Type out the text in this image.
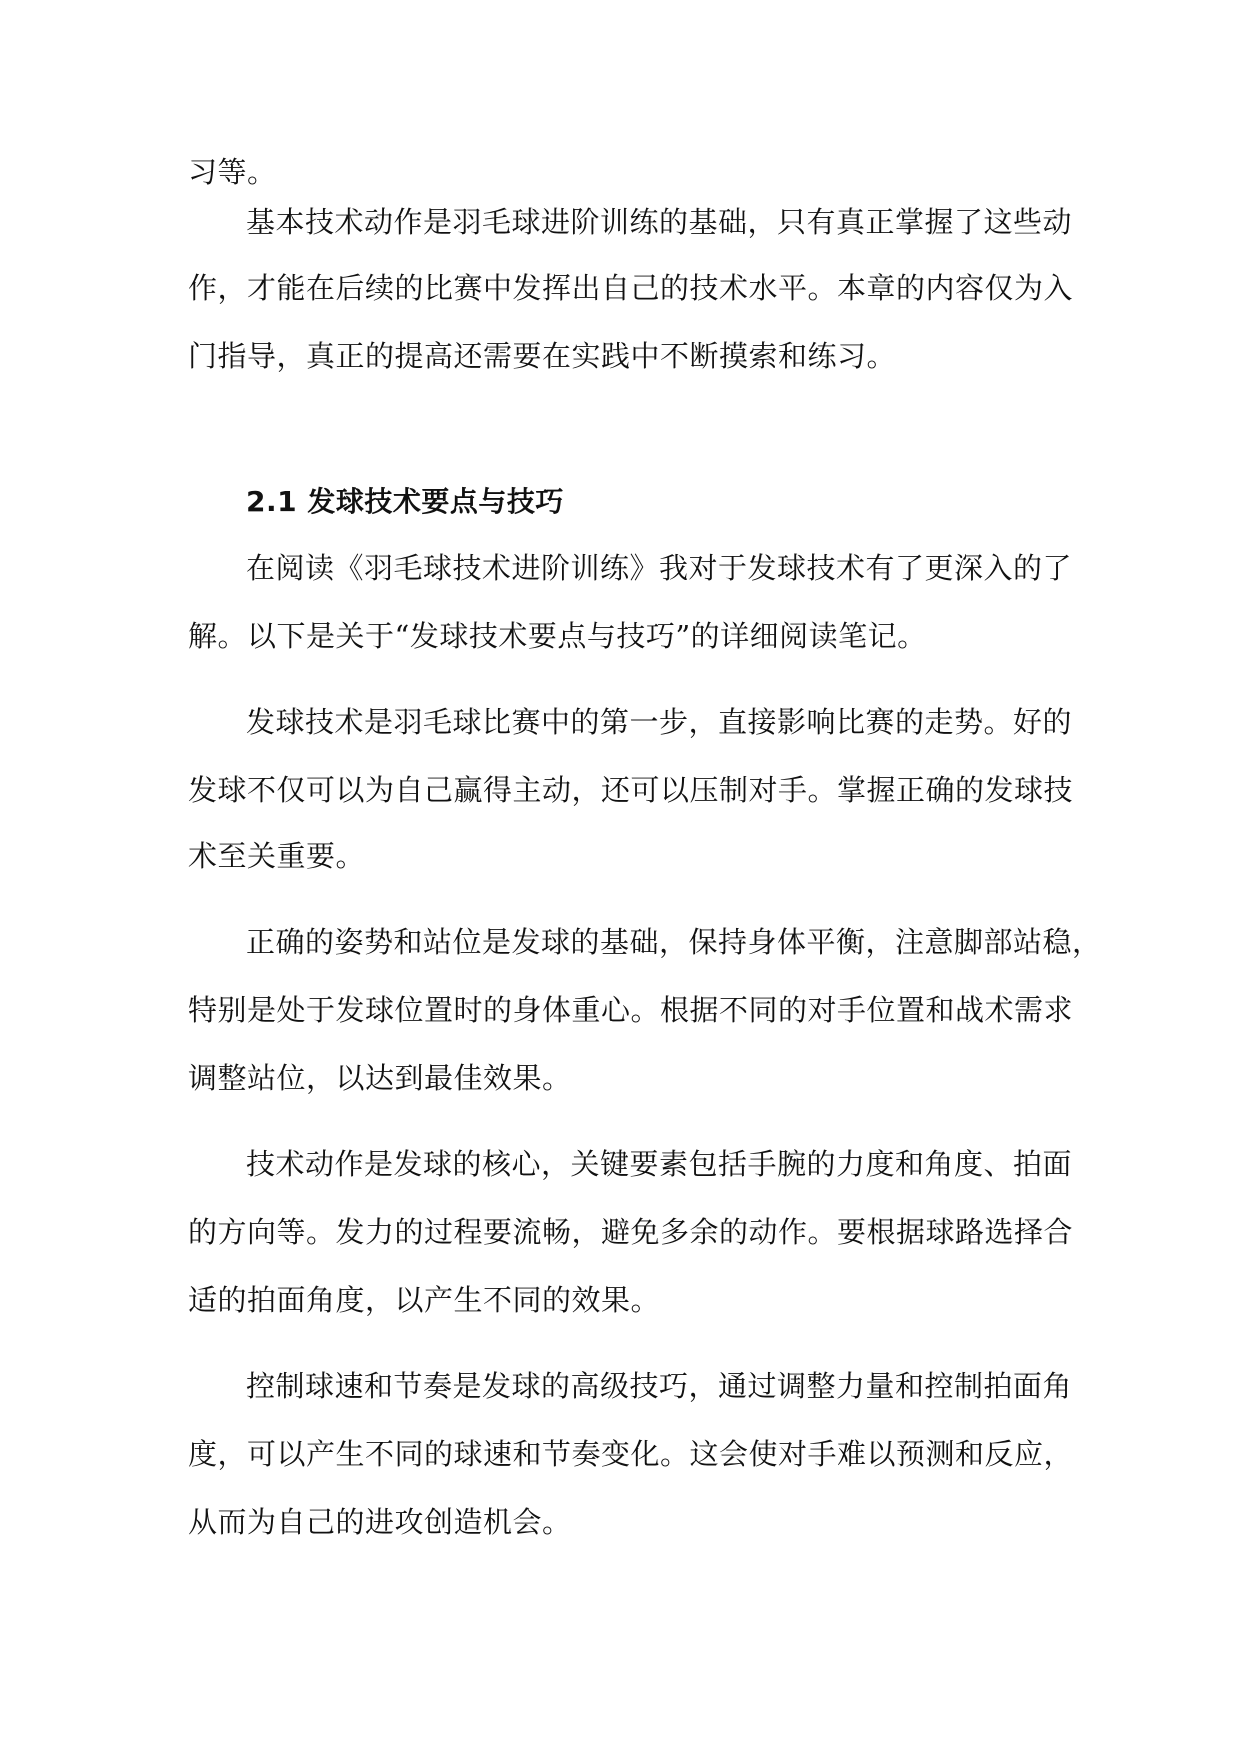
习等。
基本技术动作是羽毛球进阶训练的基础，只有真正掌握了这些动
作，才能在后续的比赛中发挥出自己的技术水平。本章的内容仅为入
门指导，真正的提高还需要在实践中不断摸索和练习。
2.1 发球技术要点与技巧
在阅读《羽毛球技术进阶训练》我对于发球技术有了更深入的了
解。以下是关于“发球技术要点与技巧”的详细阅读笔记。
发球技术是羽毛球比赛中的第一步，直接影响比赛的走势。好的
发球不仅可以为自己赢得主动，还可以压制对手。掌握正确的发球技
术至关重要。
正确的姿势和站位是发球的基础，保持身体平衡，注意脚部站稳，
特别是处于发球位置时的身体重心。根据不同的对手位置和战术需求
调整站位，以达到最佳效果。
技术动作是发球的核心，关键要素包括手腕的力度和角度、拍面
的方向等。发力的过程要流畅，避免多余的动作。要根据球路选择合
适的拍面角度，以产生不同的效果。
控制球速和节奏是发球的高级技巧，通过调整力量和控制拍面角
度，可以产生不同的球速和节奏变化。这会使对手难以预测和反应，
从而为自己的进攻创造机会。
